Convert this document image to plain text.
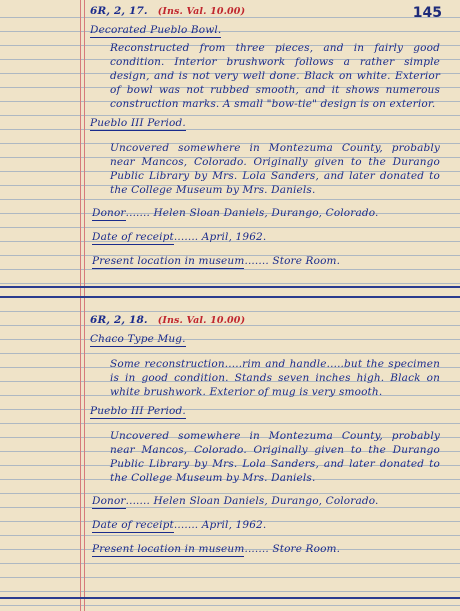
145
6R, 2, 17. (Ins. Val. 10.00)
Decorated Pueblo Bowl.
Reconstructed from three pieces, and in fairly good condition. Interior brushwork follows a rather simple design, and is not very well done. Black on white. Exterior of bowl was not rubbed smooth, and it shows numerous construction marks. A small "bow-tie" design is on exterior.
Pueblo III Period.
Uncovered somewhere in Montezuma County, probably near Mancos, Colorado. Originally given to the Durango Public Library by Mrs. Lola Sanders, and later donated to the College Museum by Mrs. Daniels.
Donor....... Helen Sloan Daniels, Durango, Colorado.
Date of receipt....... April, 1962.
Present location in museum....... Store Room.
6R, 2, 18. (Ins. Val. 10.00)
Chaco Type Mug.
Some reconstruction.....rim and handle.....but the specimen is in good condition. Stands seven inches high. Black on white brushwork. Exterior of mug is very smooth.
Pueblo III Period.
Uncovered somewhere in Montezuma County, probably near Mancos, Colorado. Originally given to the Durango Public Library by Mrs. Lola Sanders, and later donated to the College Museum by Mrs. Daniels.
Donor....... Helen Sloan Daniels, Durango, Colorado.
Date of receipt....... April, 1962.
Present location in museum....... Store Room.
